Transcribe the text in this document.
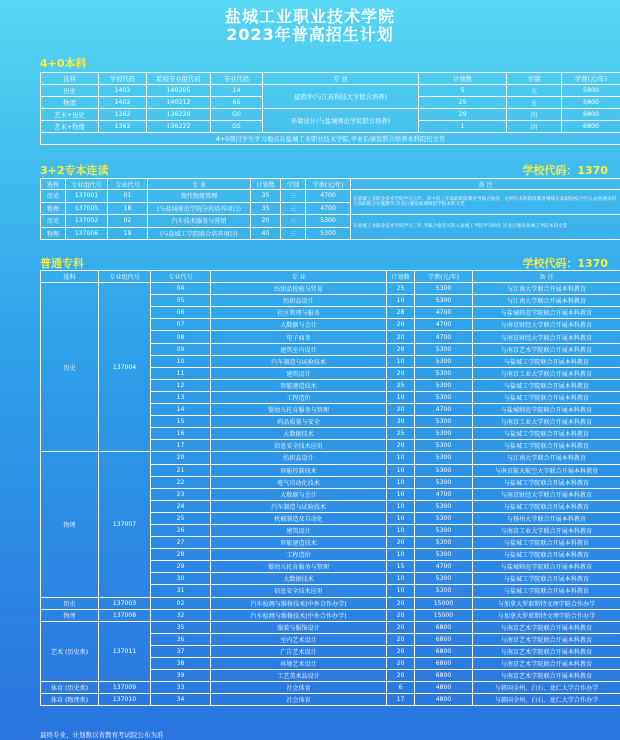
盐城工业职业技术学院
2023年普高招生计划
4+0本科
选科	学校代码	院校专业组代码	专业代码	专 业	计划数	学制	学费(元/年)
历史	1402	140205	14	建筑学(与江苏科技大学联合培养)	5	五	5800
物理	1402	140212	65		25	五	5800
艺术+历史	1362	136220	G0	环境设计(与盐城师范学院联合培养)	29	四	6800
艺术+物理	1362	136222	G5		1	四	6800
4+0项目学生学习地点在盐城工业职业技术学院,毕业后颁发联合培养本科院校文凭							
3+2专本连读	学校代码：1370
选科	专业组代号	专业代号	专 业	计划数	学制	学费(元/年)	备 注
历史	137001	01	现代物流管理	35	三	4700	在盐城工业职业技术学院学习五年。其中前三年高职阶段教育考核合格者，后两年本科阶段教育继续在高职院校内学习,由普通本科与高职联合实施教学,毕业后颁发盐城师范学院本科文凭
物理	137005	18	(与盐城师范学院分段培养项目)	35	三	4700	
历史	137002	02	汽车技术服务与营销	20	三	5300	在盐城工业职业技术学院学习三年,考核合格者可转入盐城工学院学习两年,毕业后颁发盐城工学院本科文凭
物理	137006	19	(与盐城工学院联合培养项目)	40	三	5300	
普通专科	学校代码：1370
选科	专业组代号	专业代号	专 业	计划数	学费(元/年)	备 注
历史	137004	04	纺织品检验与贸易	25	5300	与江南大学联合开展本科教育
		05	纺织品设计	10	5300	与江南大学联合开展本科教育
		06	社区管理与服务	28	4700	与盐城师范学院联合开展本科教育
		07	大数据与会计	20	4700	与南京财经大学联合开展本科教育
		08	电子商务	20	4700	与南京财经大学联合开展本科教育
		09	建筑室内设计	28	5300	与南京艺术学院联合开展本科教育
		10	汽车制造与试验技术	10	5300	与盐城工学院联合开展本科教育
		11	建筑设计	20	5300	与南京工业大学联合开展本科教育
		12	智能建造技术	25	5300	与盐城工学院联合开展本科教育
		13	工程造价	10	5300	与盐城工学院联合开展本科教育
		14	婴幼儿托育服务与管理	20	4700	与盐城师范学院联合开展本科教育
		15	药品质量与安全	30	5300	与南京工业大学联合开展本科教育
		16	大数据技术	25	5300	与盐城工学院联合开展本科教育
		17	信息安全技术应用	20	5300	与盐城工学院联合开展本科教育
物理	137007	20	纺织品设计	10	5300	与江南大学联合开展本科教育
		21	智能控制技术	10	5300	与南京航天航空大学联合开展本科教育
		22	电气自动化技术	10	5300	与盐城工学院联合开展本科教育
		23	大数据与会计	10	4700	与南京财经大学联合开展本科教育
		24	汽车制造与试验技术	10	5300	与盐城工学院联合开展本科教育
		25	机械制造及自动化	10	5300	与扬州大学联合开展本科教育
		26	建筑设计	10	5300	与南京工业大学联合开展本科教育
		27	智能建造技术	20	5300	与盐城工学院联合开展本科教育
		28	工程造价	10	5300	与盐城工学院联合开展本科教育
		29	婴幼儿托育服务与管理	15	4700	与盐城师范学院联合开展本科教育
		30	大数据技术	10	5300	与盐城工学院联合开展本科教育
		31	信息安全技术应用	10	5300	与盐城工学院联合开展本科教育
历史	137003	02	汽车检测与维修技术(中外合作办学)	20	15000	与加拿大罗耶斯特文理学院合作办学
物理	137008	32	汽车检测与维修技术(中外合作办学)	20	15000	与加拿大罗耶斯特文理学院合作办学
艺术 (历史类)	137011	35	服装与服饰设计	20	6800	与南京艺术学院联合开展本科教育
		36	室内艺术设计	20	6800	与南京艺术学院联合开展本科教育
		37	广告艺术设计	20	6800	与南京艺术学院联合开展本科教育
		38	环境艺术设计	20	6800	与南京艺术学院联合开展本科教育
		39	工艺美术品设计	20	6800	与南京艺术学院联合开展本科教育
体育 (历史类)	137009	33	社会体育	6	4800	与韩国全州、白石、龙仁大学合作办学
体育 (物理类)	137010	34	社会体育	17	4800	与韩国全州、白石、龙仁大学合作办学
最终专业、计划数以省教育考试院公布为准
